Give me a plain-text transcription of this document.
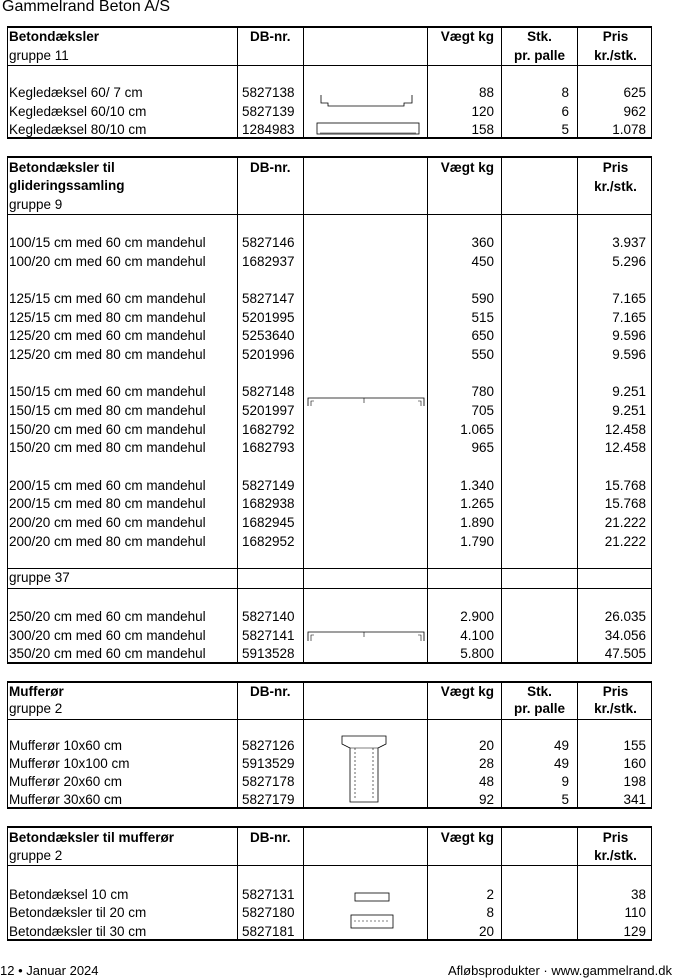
Gammelrand Beton A/S
Betondæksler
gruppe 11
DB-nr.	Vægt kg	Stk.
pr. palle
Pris
kr./stk.
Kegledæksel 60/ 7 cm	5827138	88	8	625
Kegledæksel 60/10 cm	5827139	120	6	962
Kegledæksel 80/10 cm	1284983	158	5	1.078
Betondæksler til
glideringssamling
gruppe 9
DB-nr.	Vægt kg	Pris
kr./stk.
100/15 cm med 60 cm mandehul	5827146	360	3.937
100/20 cm med 60 cm mandehul	1682937	450	5.296
125/15 cm med 60 cm mandehul	5827147	590	7.165
125/15 cm med 80 cm mandehul	5201995	515	7.165
125/20 cm med 60 cm mandehul	5253640	650	9.596
125/20 cm med 80 cm mandehul	5201996	550	9.596
150/15 cm med 60 cm mandehul	5827148	780	9.251
150/15 cm med 80 cm mandehul	5201997	705	9.251
150/20 cm med 60 cm mandehul	1682792	1.065	12.458
150/20 cm med 80 cm mandehul	1682793	965	12.458
200/15 cm med 60 cm mandehul	5827149	1.340	15.768
200/15 cm med 80 cm mandehul	1682938	1.265	15.768
200/20 cm med 60 cm mandehul	1682945	1.890	21.222
200/20 cm med 80 cm mandehul	1682952	1.790	21.222
gruppe 37
250/20 cm med 60 cm mandehul	5827140	2.900	26.035
300/20 cm med 60 cm mandehul	5827141	4.100	34.056
350/20 cm med 60 cm mandehul	5913528	5.800	47.505
Mufferør
gruppe 2
DB-nr.	Vægt kg	Stk.
pr. palle
Pris
kr./stk.
Mufferør 10x60 cm	5827126	20	49	155
Mufferør 10x100 cm	5913529	28	49	160
Mufferør 20x60 cm	5827178	48	9	198
Mufferør 30x60 cm	5827179	92	5	341
Betondæksler til mufferør
gruppe 2
DB-nr.	Vægt kg	Pris
kr./stk.
Betondæksel 10 cm	5827131	2	38
Betondæksler til 20 cm	5827180	8	110
Betondæksler til 30 cm	5827181	20	129
12 • Januar 2024	Afløbsprodukter · www.gammelrand.dk
